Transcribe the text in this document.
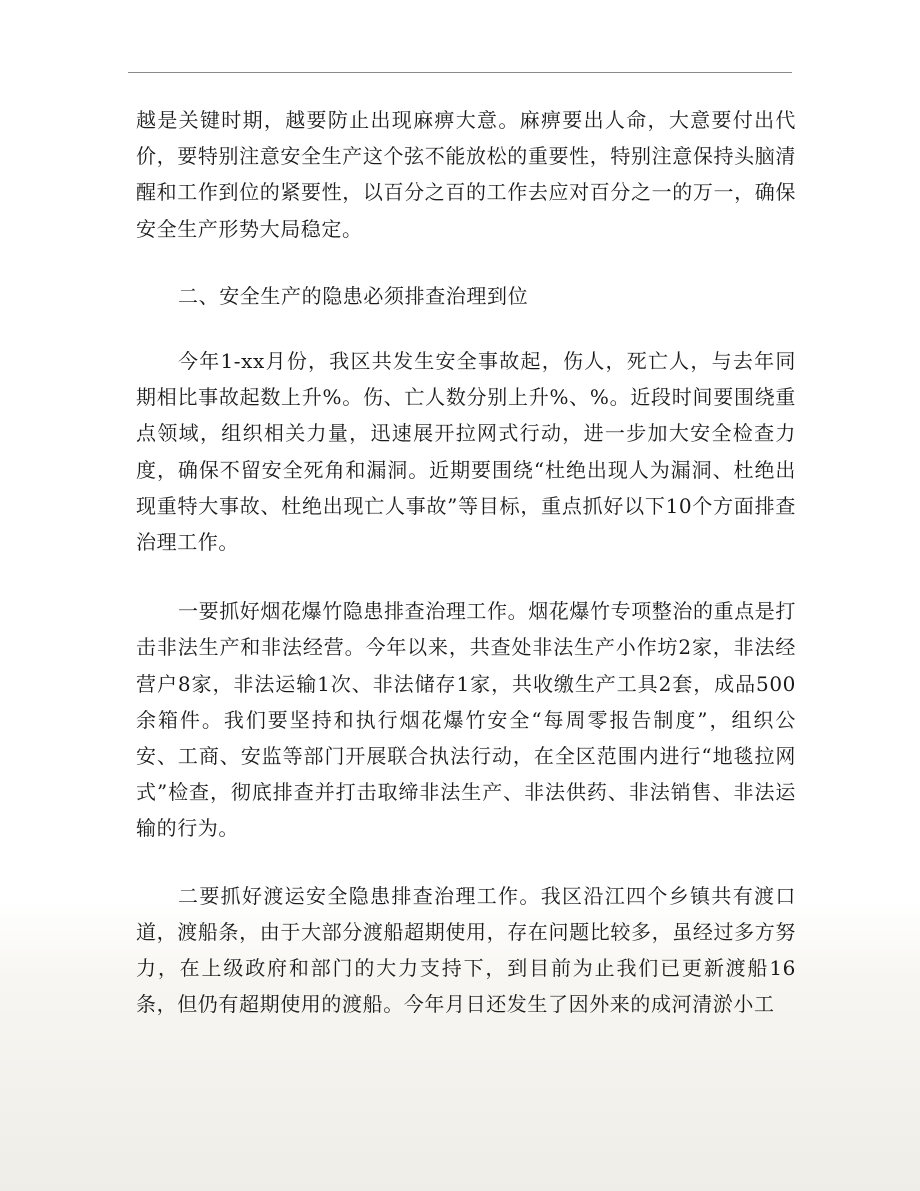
越是关键时期，越要防止出现麻痹大意。麻痹要出人命，大意要付出代价，要特别注意安全生产这个弦不能放松的重要性，特别注意保持头脑清醒和工作到位的紧要性，以百分之百的工作去应对百分之一的万一，确保安全生产形势大局稳定。

二、安全生产的隐患必须排查治理到位

今年1-xx月份，我区共发生安全事故起，伤人，死亡人，与去年同期相比事故起数上升%。伤、亡人数分别上升%、%。近段时间要围绕重点领域，组织相关力量，迅速展开拉网式行动，进一步加大安全检查力度，确保不留安全死角和漏洞。近期要围绕“杜绝出现人为漏洞、杜绝出现重特大事故、杜绝出现亡人事故”等目标，重点抓好以下10个方面排查治理工作。

一要抓好烟花爆竹隐患排查治理工作。烟花爆竹专项整治的重点是打击非法生产和非法经营。今年以来，共查处非法生产小作坊2家，非法经营户8家，非法运输1次、非法储存1家，共收缴生产工具2套，成品500余箱件。我们要坚持和执行烟花爆竹安全“每周零报告制度”，组织公安、工商、安监等部门开展联合执法行动，在全区范围内进行“地毯拉网式”检查，彻底排查并打击取缔非法生产、非法供药、非法销售、非法运输的行为。

二要抓好渡运安全隐患排查治理工作。我区沿江四个乡镇共有渡口道，渡船条，由于大部分渡船超期使用，存在问题比较多，虽经过多方努力，在上级政府和部门的大力支持下，到目前为止我们已更新渡船16条，但仍有超期使用的渡船。今年月日还发生了因外来的成河清淤小工
